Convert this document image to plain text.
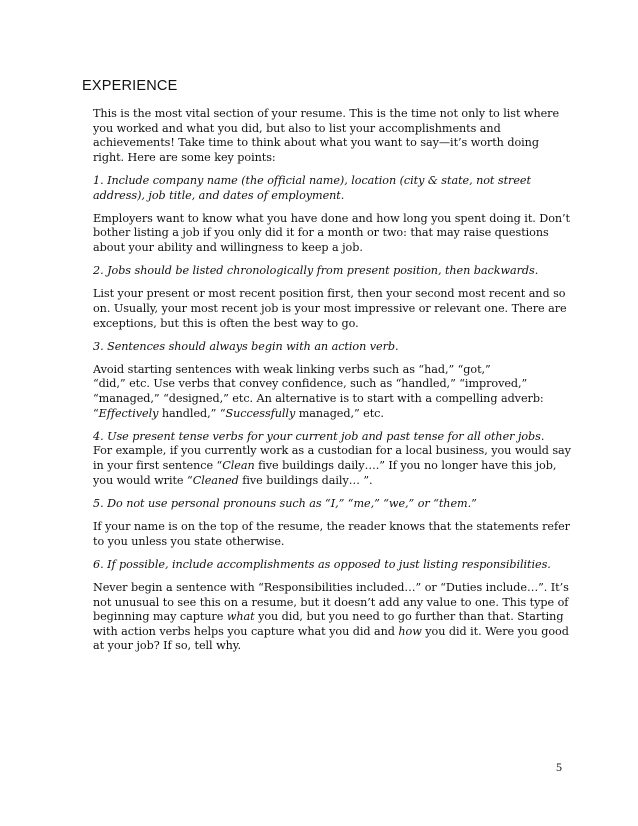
EXPERIENCE

This is the most vital section of your resume. This is the time not only to list where you worked and what you did, but also to list your accomplishments and achievements! Take time to think about what you want to say—it’s worth doing right. Here are some key points:

1. Include company name (the official name), location (city & state, not street address), job title, and dates of employment.

Employers want to know what you have done and how long you spent doing it. Don’t bother listing a job if you only did it for a month or two: that may raise questions about your ability and willingness to keep a job.

2. Jobs should be listed chronologically from present position, then backwards.

List your present or most recent position first, then your second most recent and so on. Usually, your most recent job is your most impressive or relevant one. There are exceptions, but this is often the best way to go.

3. Sentences should always begin with an action verb.

Avoid starting sentences with weak linking verbs such as “had,” “got,”
“did,” etc. Use verbs that convey confidence, such as “handled,” “improved,” “managed,” “designed,” etc. An alternative is to start with a compelling adverb: “Effectively handled,” “Successfully managed,” etc.

4. Use present tense verbs for your current job and past tense for all other jobs.
For example, if you currently work as a custodian for a local business, you would say in your first sentence “Clean five buildings daily….” If you no longer have this job, you would write “Cleaned five buildings daily… ”.

5. Do not use personal pronouns such as “I,” “me,” “we,” or “them.”

If your name is on the top of the resume, the reader knows that the statements refer to you unless you state otherwise.

6. If possible, include accomplishments as opposed to just listing responsibilities.

Never begin a sentence with “Responsibilities included…” or “Duties include…”. It’s not unusual to see this on a resume, but it doesn’t add any value to one. This type of beginning may capture what you did, but you need to go further than that. Starting with action verbs helps you capture what you did and how you did it. Were you good at your job? If so, tell why.

5
